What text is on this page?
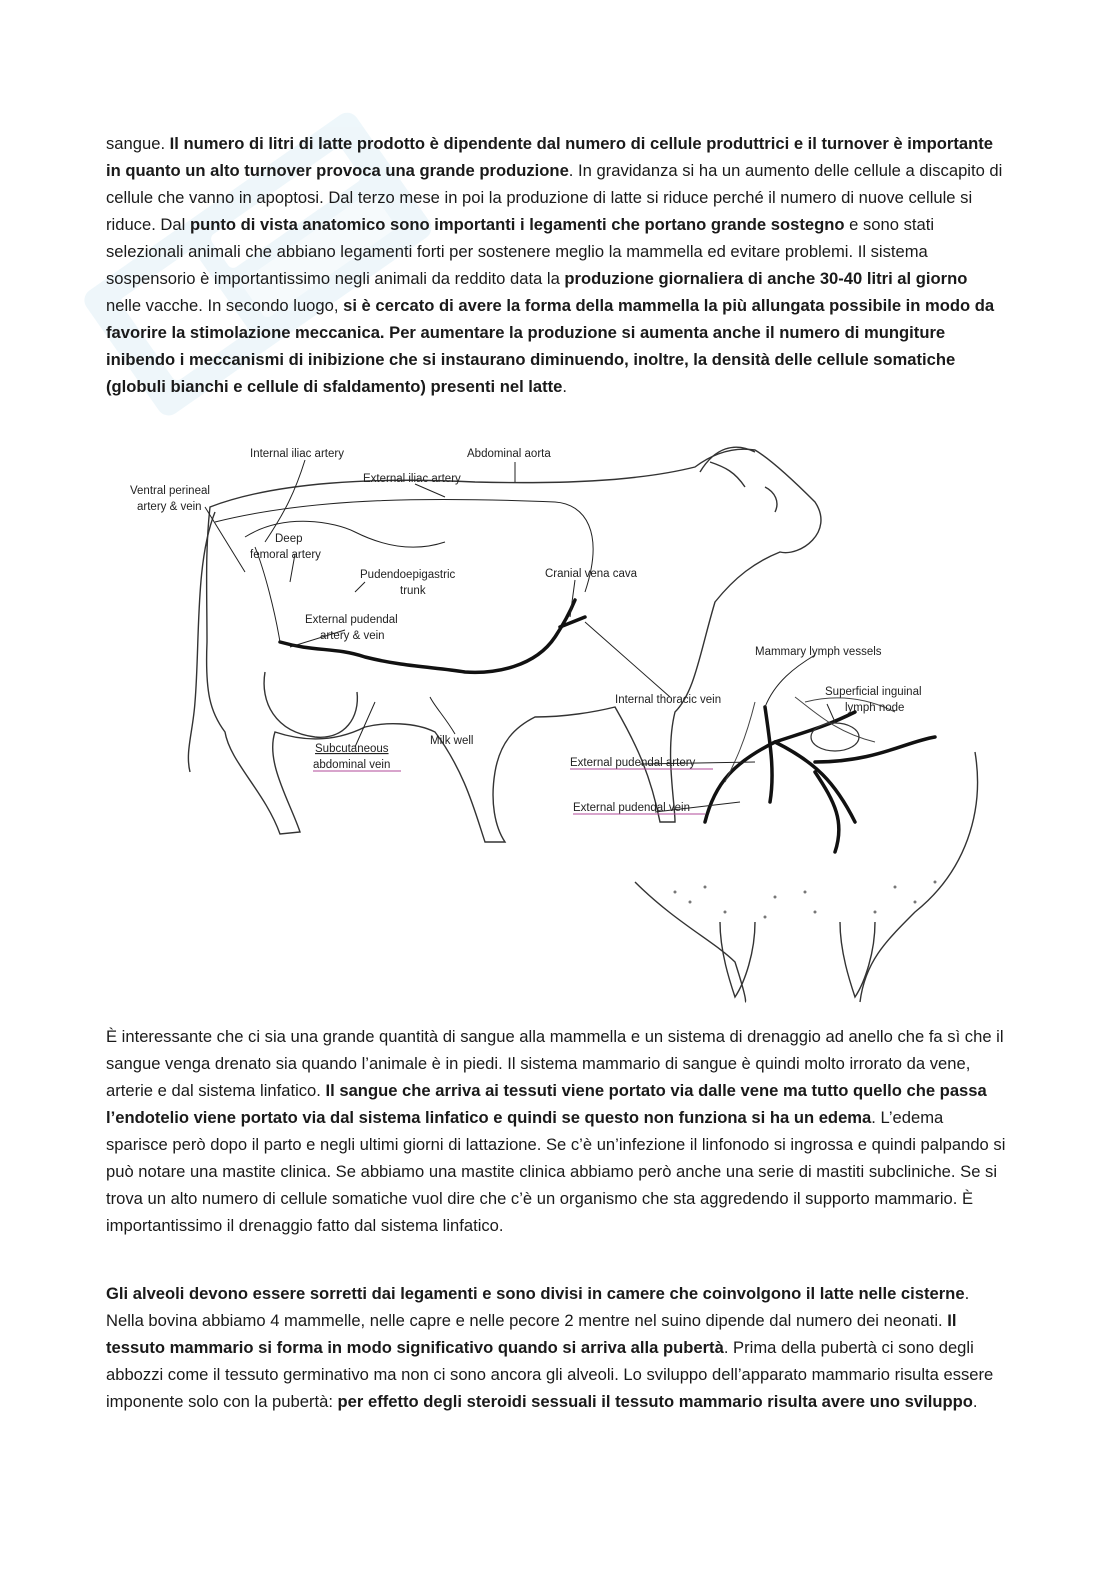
sangue. Il numero di litri di latte prodotto è dipendente dal numero di cellule produttrici e il turnover è importante in quanto un alto turnover provoca una grande produzione. In gravidanza si ha un aumento delle cellule a discapito di cellule che vanno in apoptosi. Dal terzo mese in poi la produzione di latte si riduce perché il numero di nuove cellule si riduce. Dal punto di vista anatomico sono importanti i legamenti che portano grande sostegno e sono stati selezionali animali che abbiano legamenti forti per sostenere meglio la mammella ed evitare problemi. Il sistema sospensorio è importantissimo negli animali da reddito data la produzione giornaliera di anche 30-40 litri al giorno nelle vacche. In secondo luogo, si è cercato di avere la forma della mammella la più allungata possibile in modo da favorire la stimolazione meccanica. Per aumentare la produzione si aumenta anche il numero di mungiture inibendo i meccanismi di inibizione che si instaurano diminuendo, inoltre, la densità delle cellule somatiche (globuli bianchi e cellule di sfaldamento) presenti nel latte.

Internal iliac artery	Abdominal aorta
External iliac artery
Ventral perineal
artery & vein
Deep
femoral artery
Pudendoepigastric
trunk
Cranial vena cava
External pudendal
artery & vein
Mammary lymph vessels
Superficial inguinal
lymph node
Internal thoracic vein
Milk well
Subcutaneous
abdominal vein	External pudendal artery
External pudendal vein

È interessante che ci sia una grande quantità di sangue alla mammella e un sistema di drenaggio ad anello che fa sì che il sangue venga drenato sia quando l’animale è in piedi. Il sistema mammario di sangue è quindi molto irrorato da vene, arterie e dal sistema linfatico. Il sangue che arriva ai tessuti viene portato via dalle vene ma tutto quello che passa l’endotelio viene portato via dal sistema linfatico e quindi se questo non funziona si ha un edema. L’edema sparisce però dopo il parto e negli ultimi giorni di lattazione. Se c’è un’infezione il linfonodo si ingrossa e quindi palpando si può notare una mastite clinica. Se abbiamo una mastite clinica abbiamo però anche una serie di mastiti subcliniche. Se si trova un alto numero di cellule somatiche vuol dire che c’è un organismo che sta aggredendo il supporto mammario. È importantissimo il drenaggio fatto dal sistema linfatico.

Gli alveoli devono essere sorretti dai legamenti e sono divisi in camere che coinvolgono il latte nelle cisterne. Nella bovina abbiamo 4 mammelle, nelle capre e nelle pecore 2 mentre nel suino dipende dal numero dei neonati. Il tessuto mammario si forma in modo significativo quando si arriva alla pubertà. Prima della pubertà ci sono degli abbozzi come il tessuto germinativo ma non ci sono ancora gli alveoli. Lo sviluppo dell’apparato mammario risulta essere imponente solo con la pubertà: per effetto degli steroidi sessuali il tessuto mammario risulta avere uno sviluppo.
